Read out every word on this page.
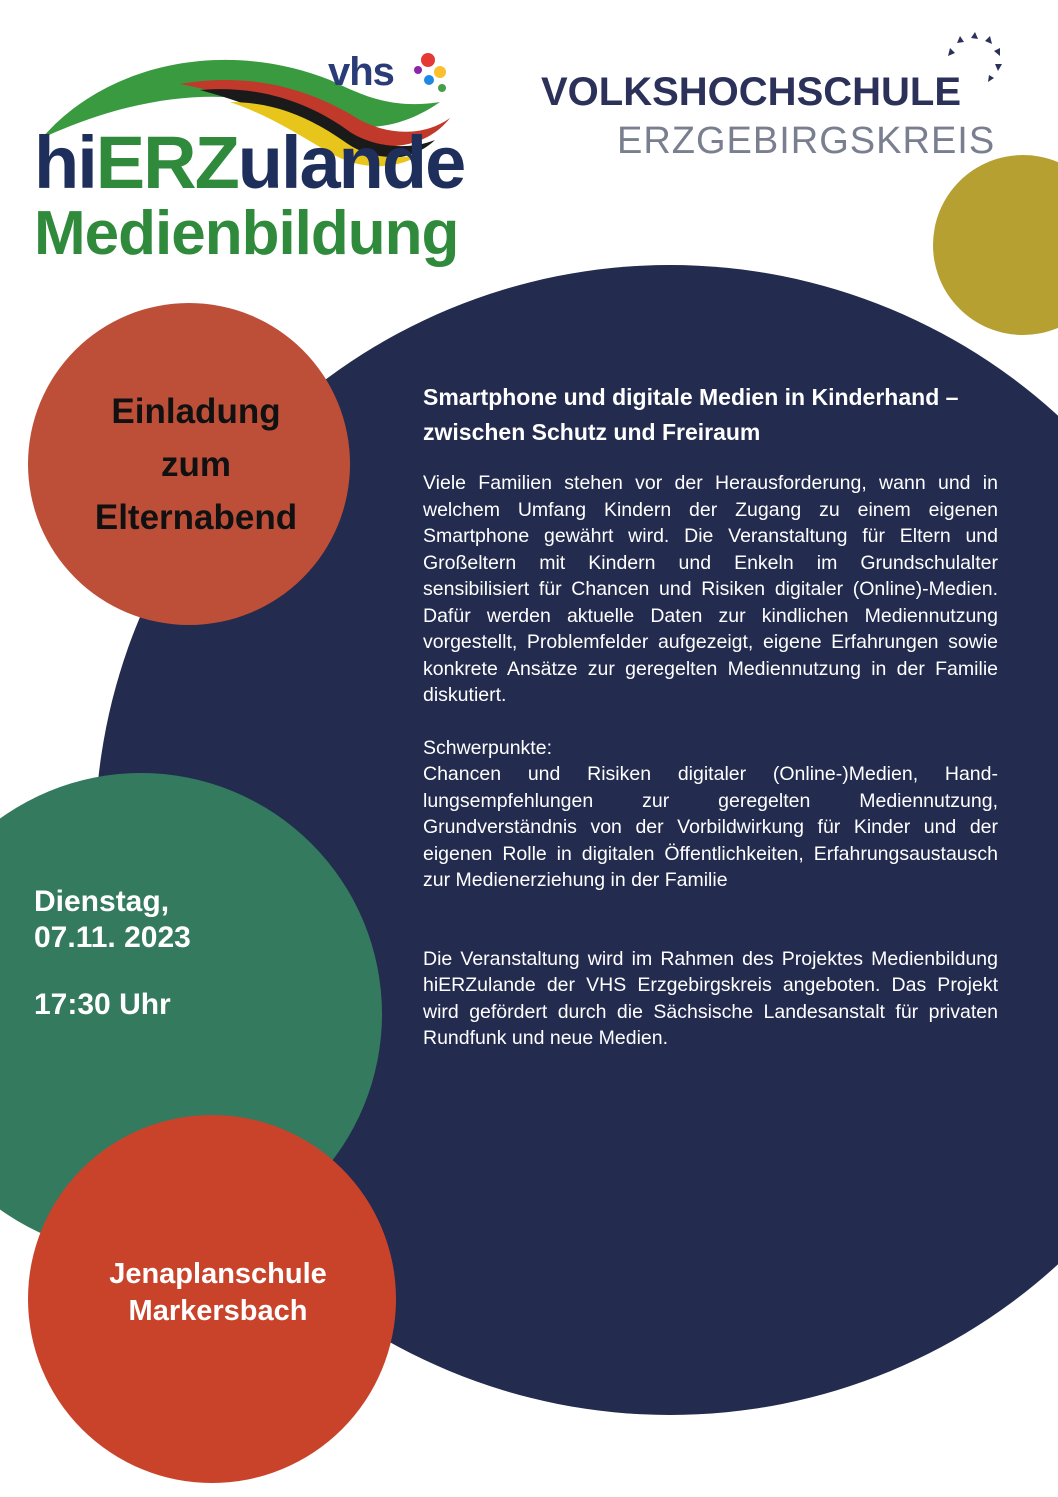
vhs
hiERZulande
Medienbildung
VOLKSHOCHSCHULE
ERZGEBIRGSKREIS
Einladung
zum
Elternabend
Dienstag,
07.11. 2023
17:30 Uhr
Jenaplanschule
Markersbach

Smartphone und digitale Medien in Kinderhand –
zwischen Schutz und Freiraum

Viele Familien stehen vor der Herausforderung, wann und in welchem Umfang Kindern der Zugang zu einem eigenen Smartphone gewährt wird. Die Veranstaltung für Eltern und Großeltern mit Kindern und Enkeln im Grundschulalter sensibilisiert für Chancen und Risiken digitaler (Online)-Medien. Dafür werden aktuelle Daten zur kindlichen Mediennutzung vorgestellt, Problemfelder aufgezeigt, eigene Erfahrungen sowie konkrete Ansätze zur geregelten Mediennutzung in der Familie diskutiert.

Schwerpunkte:

Chancen und Risiken digitaler (Online-)Medien, Hand-lungsempfehlungen zur geregelten Mediennutzung, Grundverständnis von der Vorbildwirkung für Kinder und der eigenen Rolle in digitalen Öffentlichkeiten, Erfahrungsaustausch zur Medienerziehung in der Familie

Die Veranstaltung wird im Rahmen des Projektes Medienbildung hiERZulande der VHS Erzgebirgskreis angeboten. Das Projekt wird gefördert durch die Sächsische Landesanstalt für privaten Rundfunk und neue Medien.
